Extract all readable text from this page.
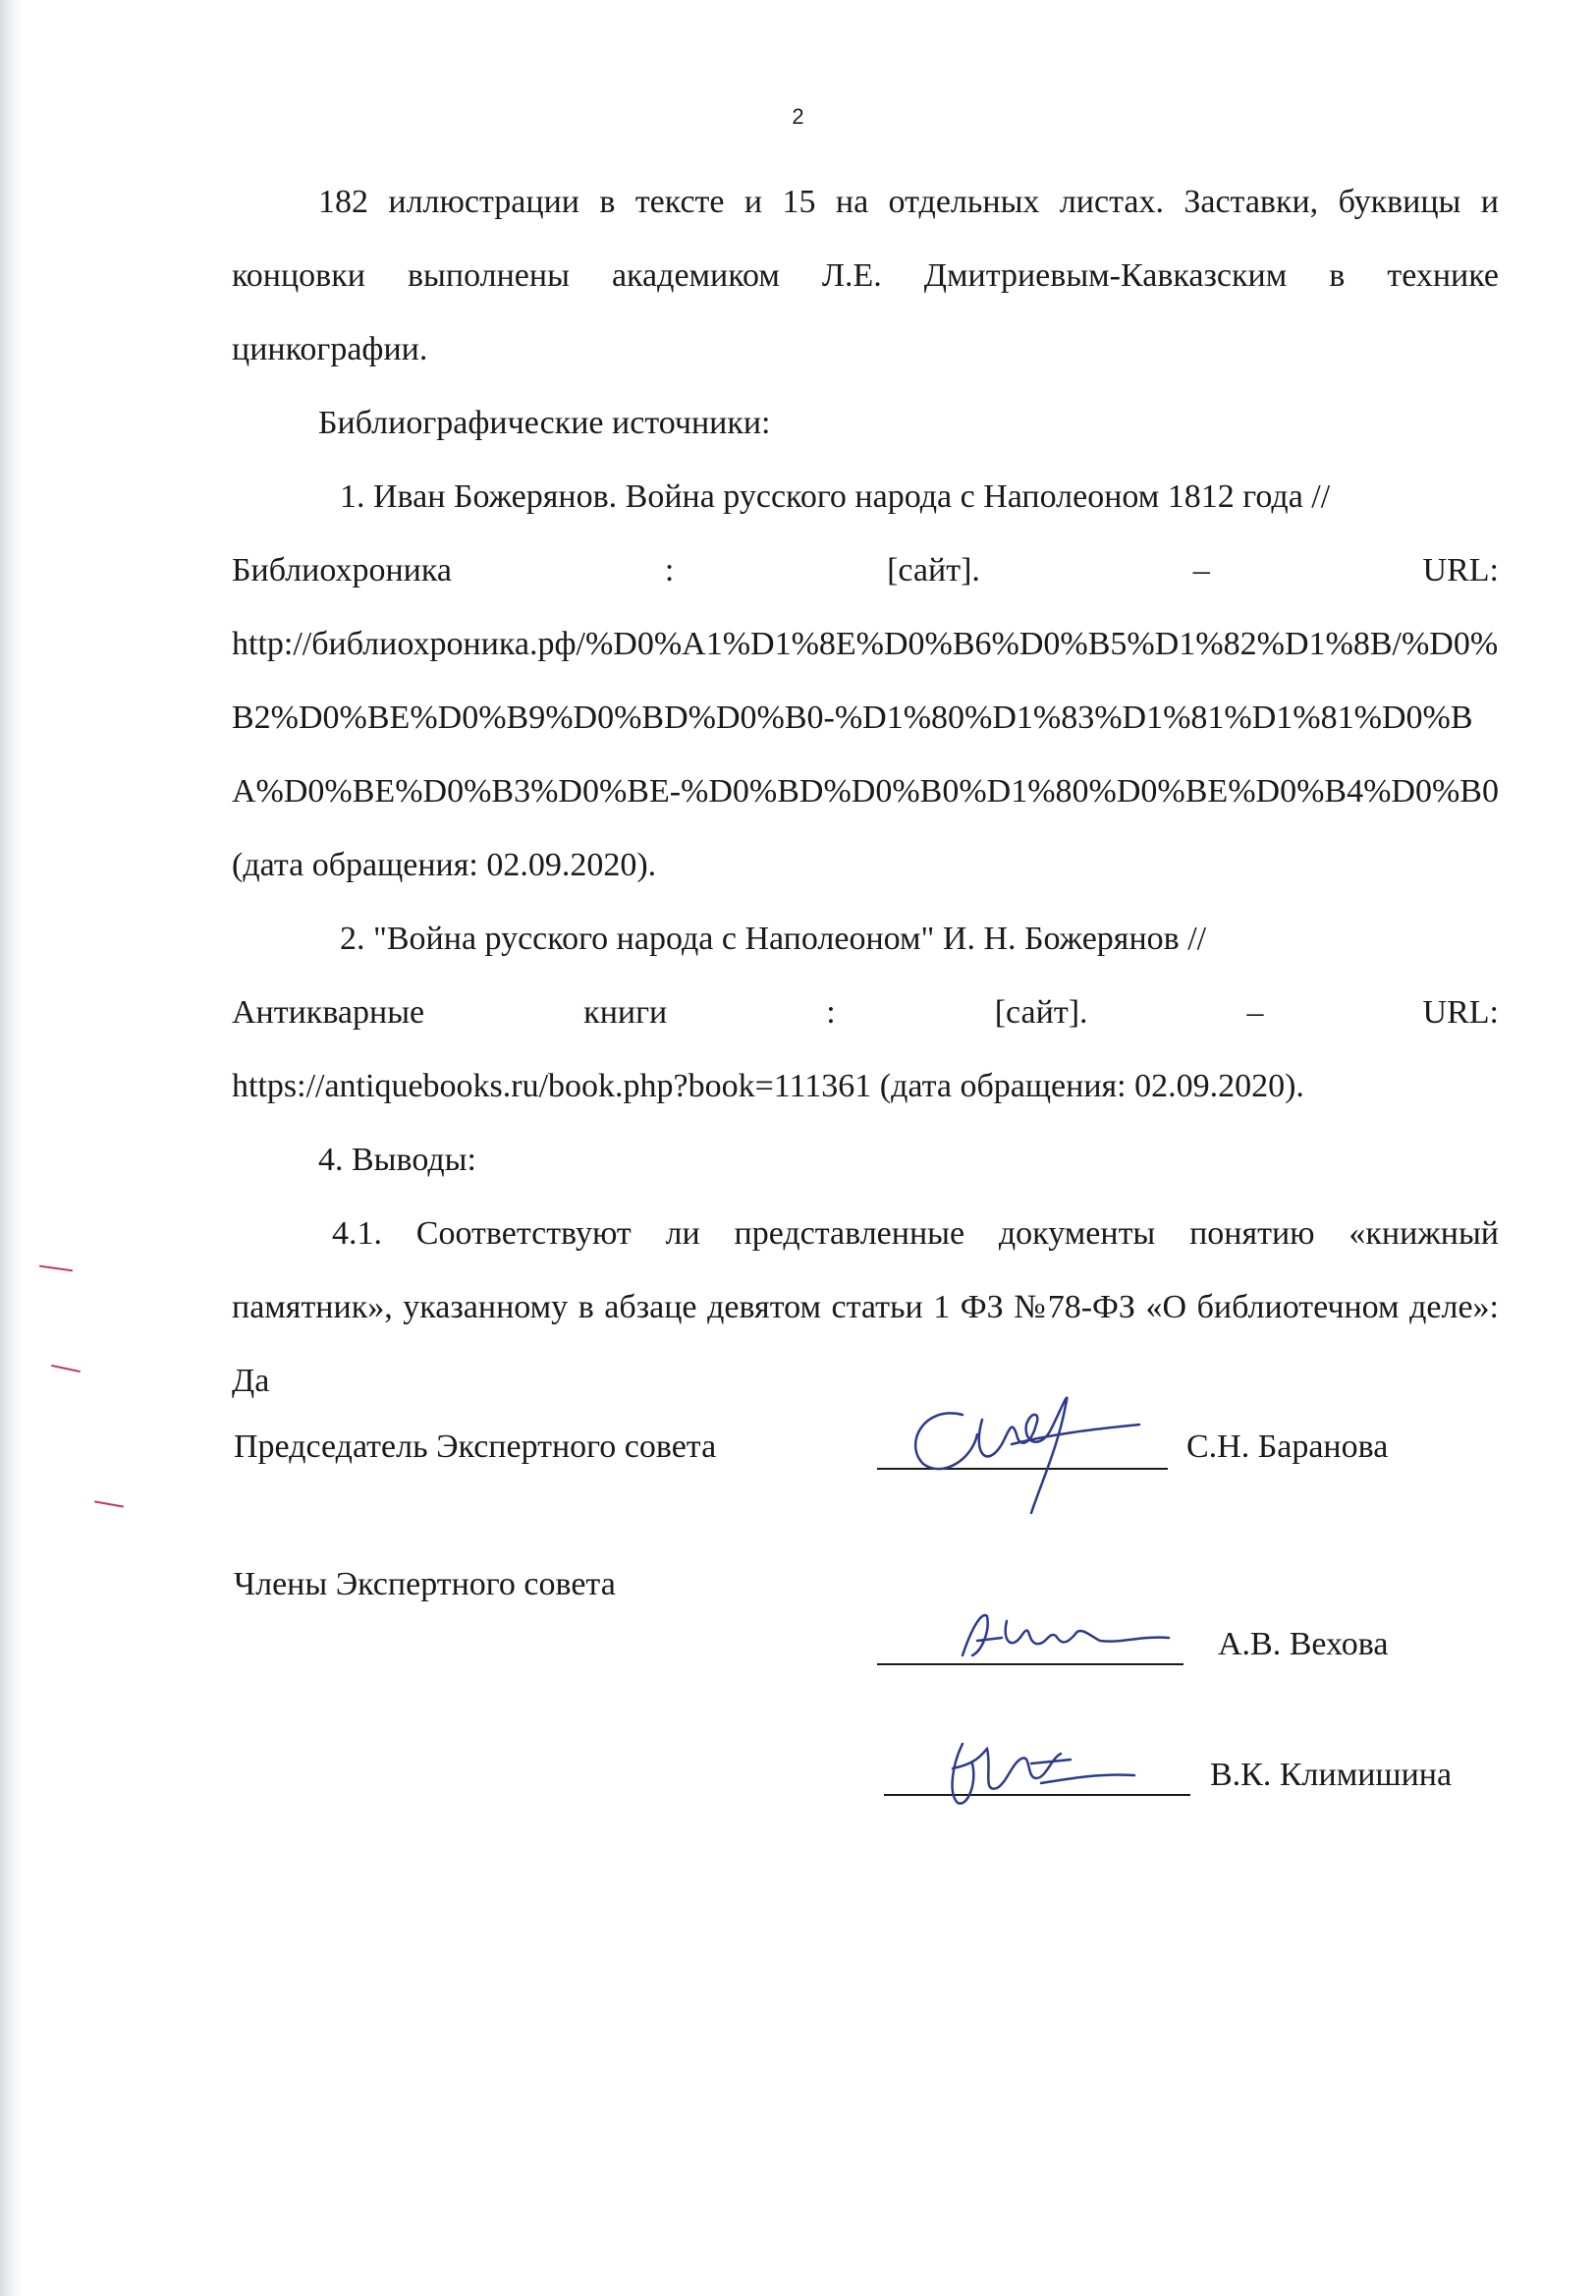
2

182 иллюстрации в тексте и 15 на отдельных листах. Заставки, буквицы и концовки выполнены академиком Л.Е. Дмитриевым-Кавказским в технике цинкографии.

Библиографические источники:

1. Иван Божерянов. Война русского народа с Наполеоном 1812 года //

Библиохроника	:	[сайт].	–	URL:

http://библиохроника.рф/%D0%A1%D1%8E%D0%B6%D0%B5%D1%82%D1%8B/%D0%B2%D0%BE%D0%B9%D0%BD%D0%B0-%D1%80%D1%83%D1%81%D1%81%D0%BA%D0%BE%D0%B3%D0%BE-%D0%BD%D0%B0%D1%80%D0%BE%D0%B4%D0%B0 (дата обращения: 02.09.2020).

2. "Война русского народа с Наполеоном" И. Н. Божерянов //

Антикварные	книги	:	[сайт].	–	URL:

https://antiquebooks.ru/book.php?book=111361 (дата обращения: 02.09.2020).

4. Выводы:

4.1. Соответствуют ли представленные документы понятию «книжный памятник», указанному в абзаце девятом статьи 1 ФЗ №78-ФЗ «О библиотечном деле»: Да

Председатель Экспертного совета	С.Н. Баранова
Члены Экспертного совета
А.В. Вехова
В.К. Климишина
